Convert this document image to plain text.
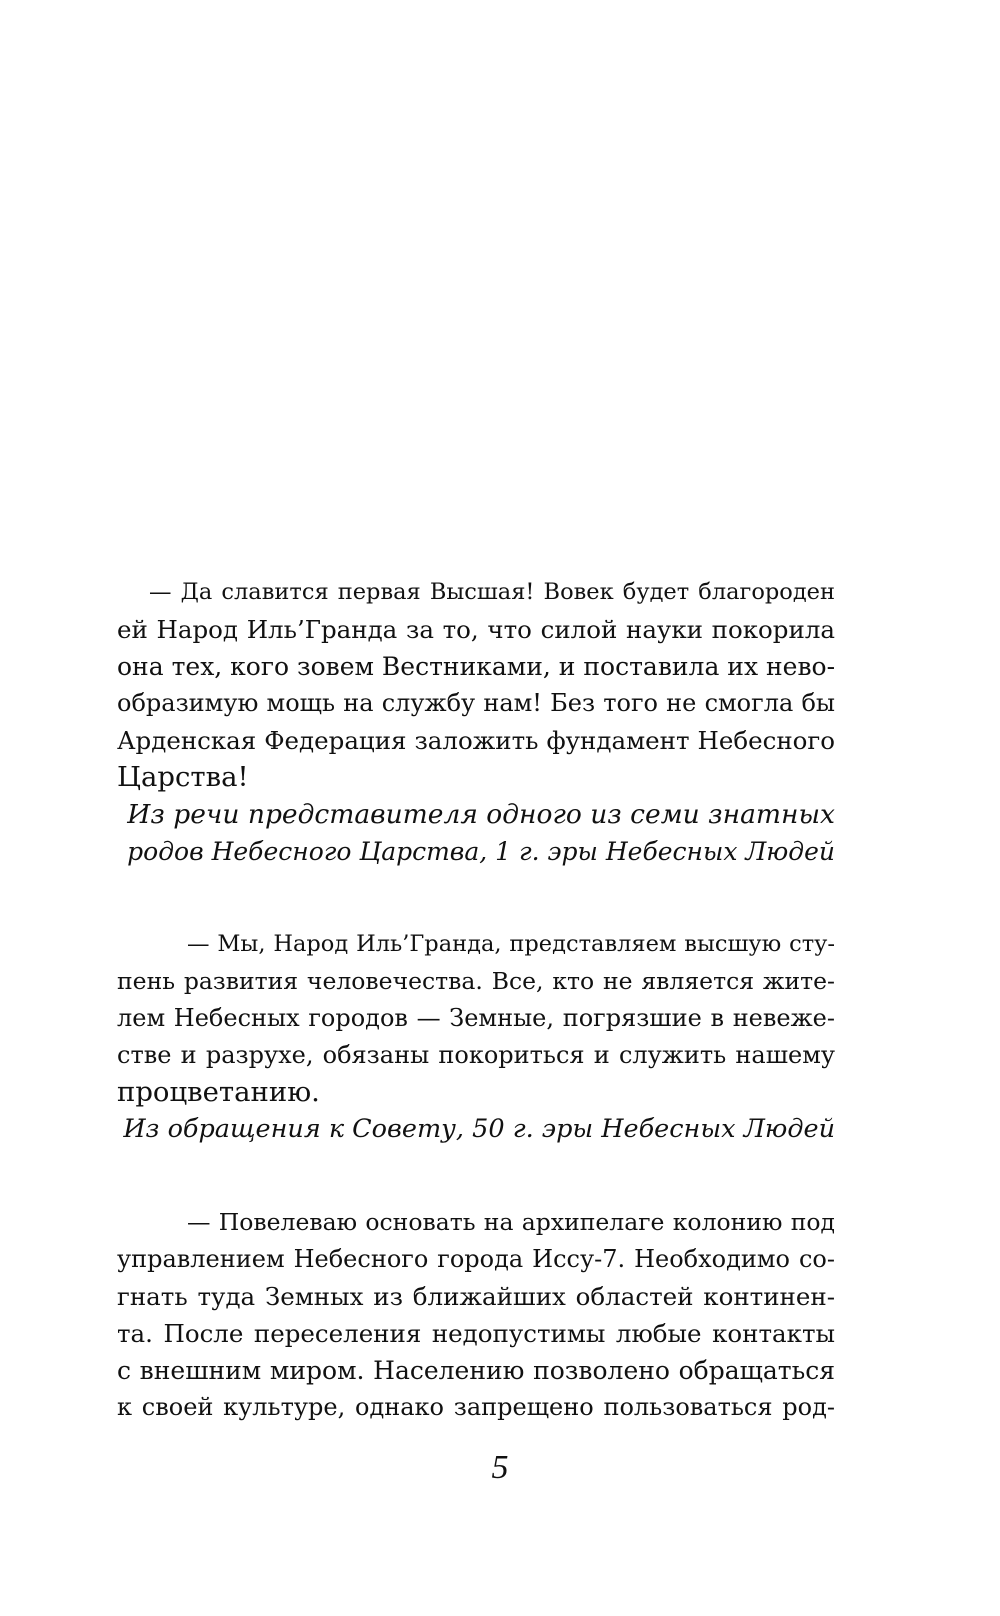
— Да славится первая Высшая! Вовек будет благороден
ей Народ Иль’Гранда за то, что силой науки покорила
она тех, кого зовем Вестниками, и поставила их нево-
образимую мощь на службу нам! Без того не смогла бы
Арденская Федерация заложить фундамент Небесного
Царства!
Из речи представителя одного из семи знатных
родов Небесного Царства, 1 г. эры Небесных Людей
— Мы, Народ Иль’Гранда, представляем высшую сту-
пень развития человечества. Все, кто не является жите-
лем Небесных городов — Земные, погрязшие в невеже-
стве и разрухе, обязаны покориться и служить нашему
процветанию.
Из обращения к Совету, 50 г. эры Небесных Людей
— Повелеваю основать на архипелаге колонию под
управлением Небесного города Иссу-7. Необходимо со-
гнать туда Земных из ближайших областей континен-
та. После переселения недопустимы любые контакты
с внешним миром. Населению позволено обращаться
к своей культуре, однако запрещено пользоваться род-
5
